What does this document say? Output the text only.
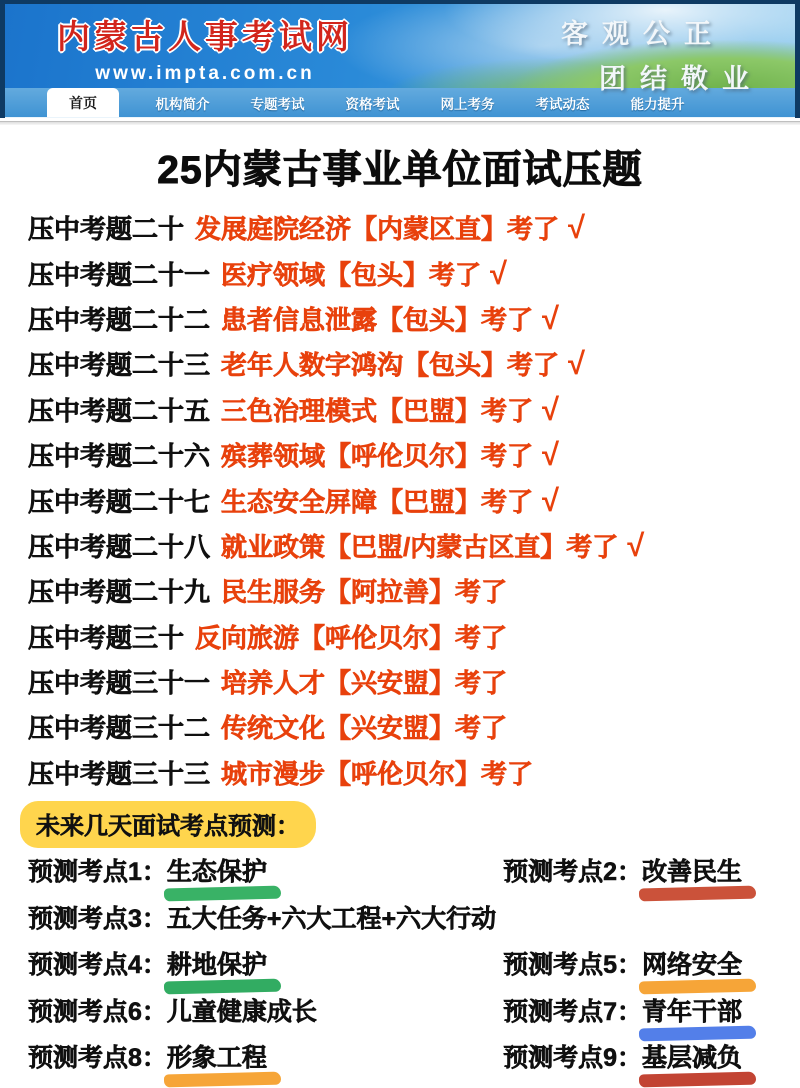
内蒙古人事考试网
www.impta.com.cn
客观公正
团结敬业
首页	机构简介	专题考试	资格考试	网上考务	考试动态	能力提升
25内蒙古事业单位面试压题
压中考题二十 发展庭院经济【内蒙区直】考了 √
压中考题二十一 医疗领域【包头】考了 √
压中考题二十二 患者信息泄露【包头】考了 √
压中考题二十三 老年人数字鸿沟【包头】考了 √
压中考题二十五 三色治理模式【巴盟】考了 √
压中考题二十六 殡葬领域【呼伦贝尔】考了 √
压中考题二十七 生态安全屏障【巴盟】考了 √
压中考题二十八 就业政策【巴盟/内蒙古区直】考了 √
压中考题二十九 民生服务【阿拉善】考了
压中考题三十 反向旅游【呼伦贝尔】考了
压中考题三十一 培养人才【兴安盟】考了
压中考题三十二 传统文化【兴安盟】考了
压中考题三十三 城市漫步【呼伦贝尔】考了
未来几天面试考点预测：
预测考点1： 生态保护	预测考点2： 改善民生
预测考点3： 五大任务+六大工程+六大行动
预测考点4： 耕地保护	预测考点5： 网络安全
预测考点6： 儿童健康成长	预测考点7： 青年干部
预测考点8： 形象工程	预测考点9： 基层减负
